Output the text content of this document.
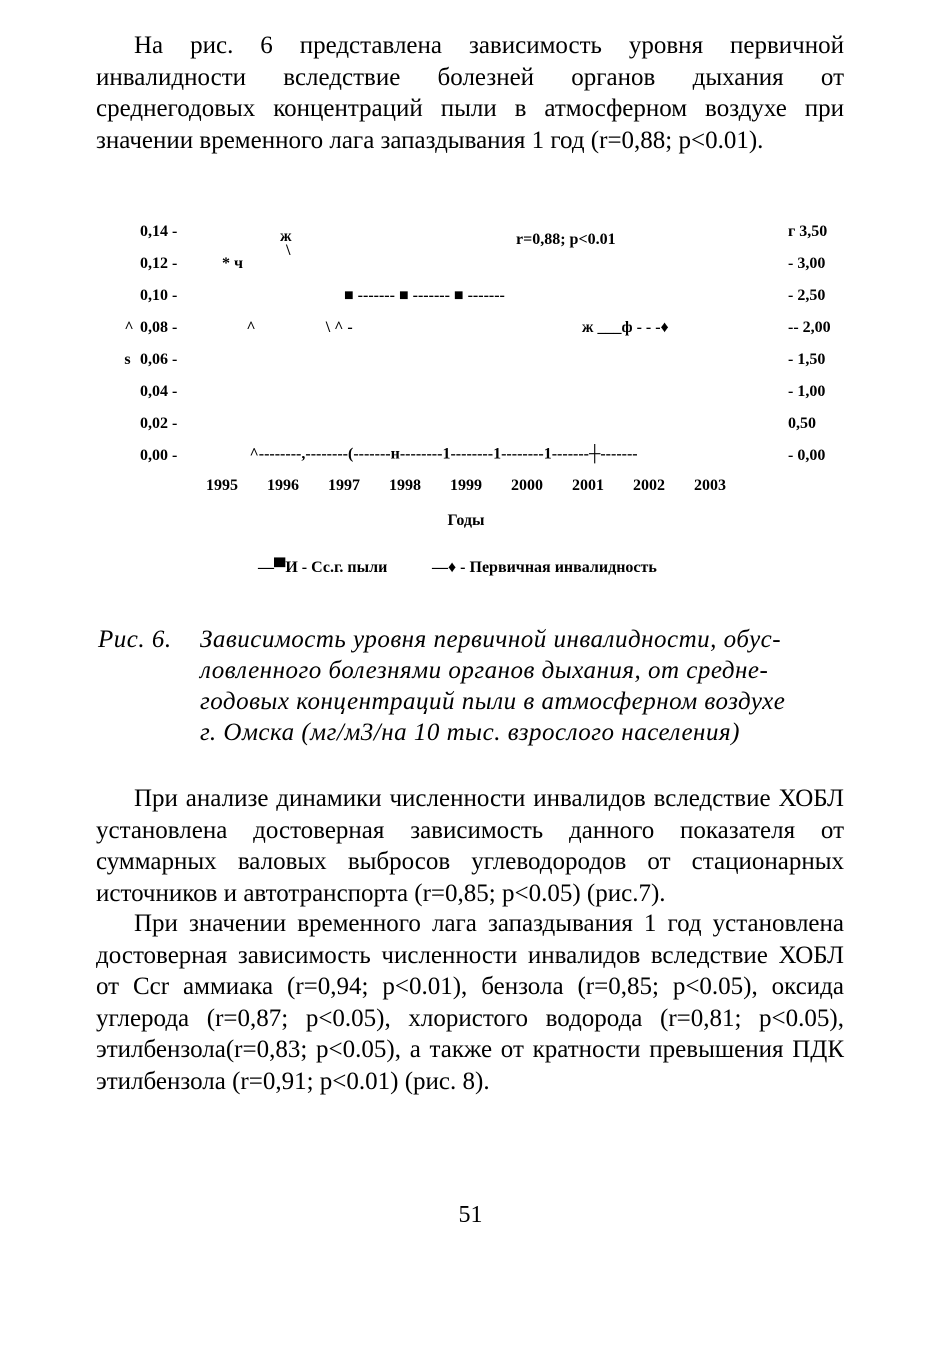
На рис. 6 представлена зависимость уровня первичной инвалидности вследствие болезней органов дыхания от среднегодовых концентраций пыли в атмосферном воздухе при значении временного лага запаздывания 1 год (r=0,88; p<0.01).

0,14 -
0,12 -
0,10 -
0,08 -
0,06 -
0,04 -
0,02 -
0,00 -
г 3,50
- 3,00
- 2,50
-- 2,00
- 1,50
- 1,00
0,50
- 0,00
1995 1996 1997 1998 1999 2000 2001 2002 2003
Годы
r=0,88; p<0.01
ж
\
* ч
\ ^ -
^
s
^	ж ___ф - - -♦
^--------,--------(-------н--------1--------1--------1-------┼-------
■ ------- ■ ------- ■ -------
—▀И - Сс.г. пыли	—♦ - Первичная инвалидность
Рис. 6. Зависимость уровня первичной инвалидности, обус-
ловленного болезнями органов дыхания, от средне-
годовых концентраций пыли в атмосферном воздухе
г. Омска (мг/м3/на 10 тыс. взрослого населения)

При анализе динамики численности инвалидов вследствие ХОБЛ установлена достоверная зависимость данного показателя от суммарных валовых выбросов углеводородов от стационарных источников и автотранспорта (r=0,85; p<0.05) (рис.7).

При значении временного лага запаздывания 1 год установлена достоверная зависимость численности инвалидов вследствие ХОБЛ от Сcr аммиака (r=0,94; p<0.01), бензола (r=0,85; p<0.05), оксида углерода (r=0,87; p<0.05), хлористого водорода (r=0,81; p<0.05), этилбензола(r=0,83; p<0.05), а также от кратности превышения ПДК этилбензола (r=0,91; p<0.01) (рис. 8).

51
